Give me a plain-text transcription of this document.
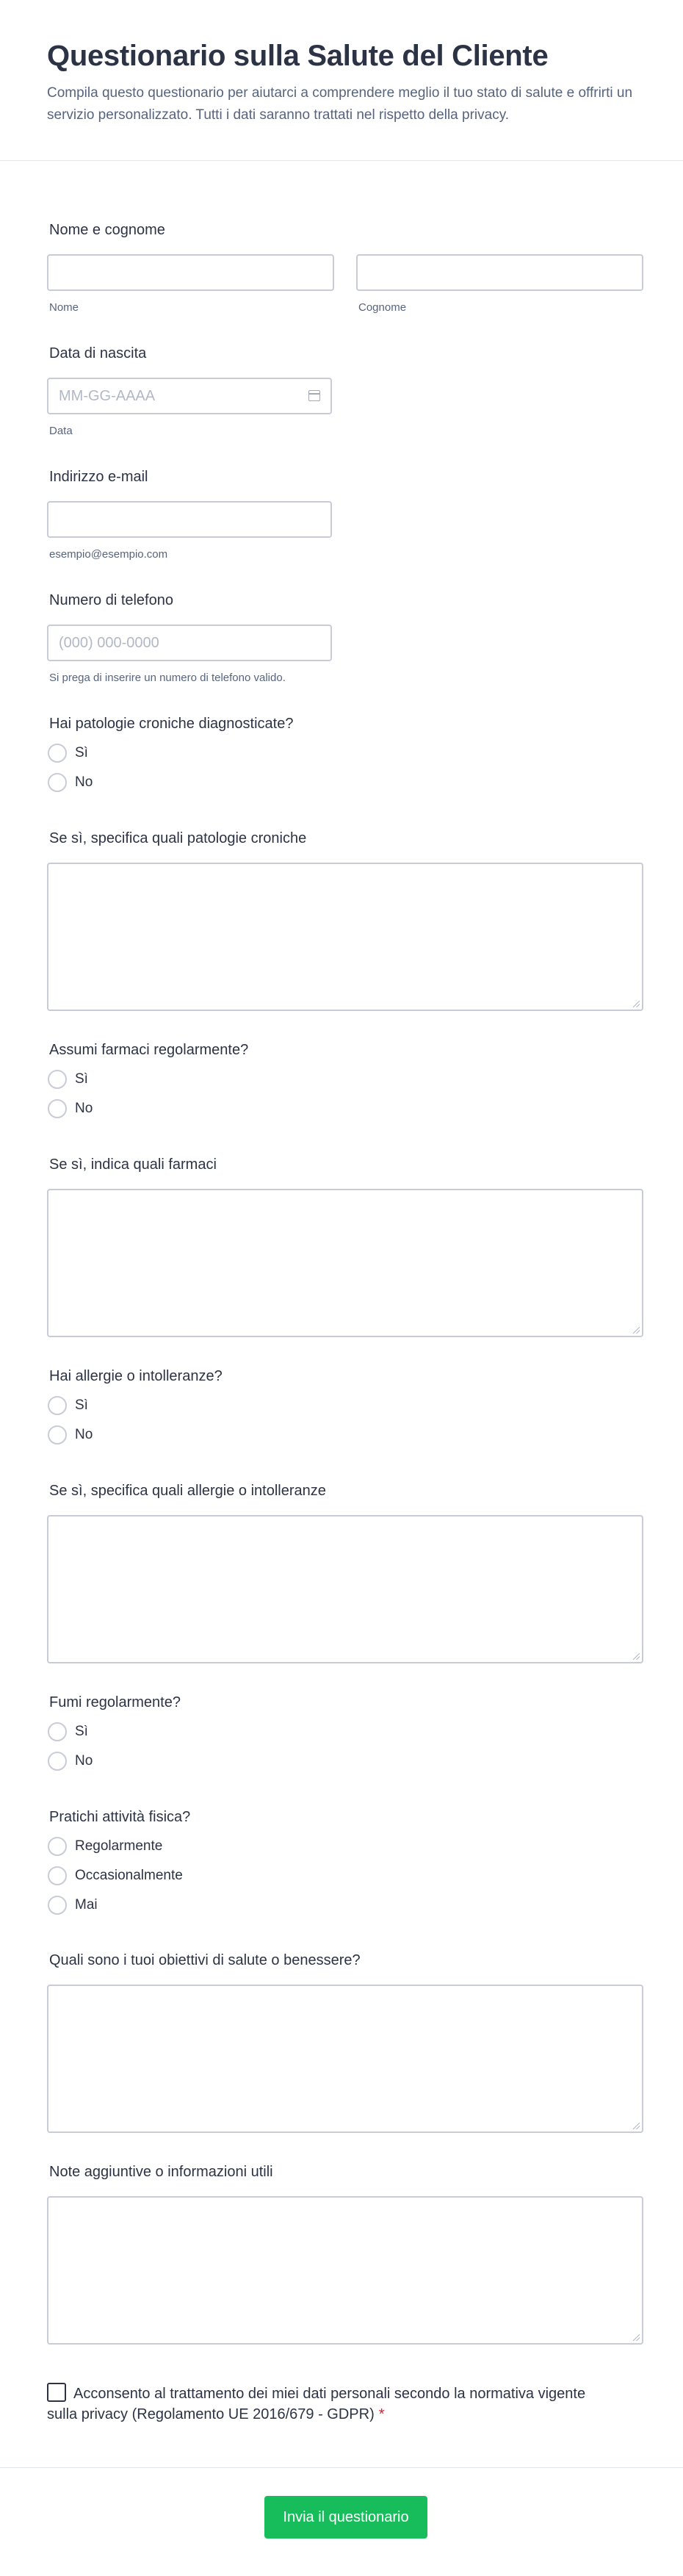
Questionario sulla Salute del Cliente

Compila questo questionario per aiutarci a comprendere meglio il tuo stato di salute e offrirti un servizio personalizzato. Tutti i dati saranno trattati nel rispetto della privacy.

Nome e cognome
Nome	Cognome
Data di nascita
MM-GG-AAAA
Data
Indirizzo e-mail
esempio@esempio.com
Numero di telefono
(000) 000-0000
Si prega di inserire un numero di telefono valido.
Hai patologie croniche diagnosticate?
Sì
No
Se sì, specifica quali patologie croniche
Assumi farmaci regolarmente?
Sì
No
Se sì, indica quali farmaci
Hai allergie o intolleranze?
Sì
No
Se sì, specifica quali allergie o intolleranze
Fumi regolarmente?
Sì
No
Pratichi attività fisica?
Regolarmente
Occasionalmente
Mai
Quali sono i tuoi obiettivi di salute o benessere?
Note aggiuntive o informazioni utili
Acconsento al trattamento dei miei dati personali secondo la normativa vigente sulla privacy (Regolamento UE 2016/679 - GDPR) *
Invia il questionario
